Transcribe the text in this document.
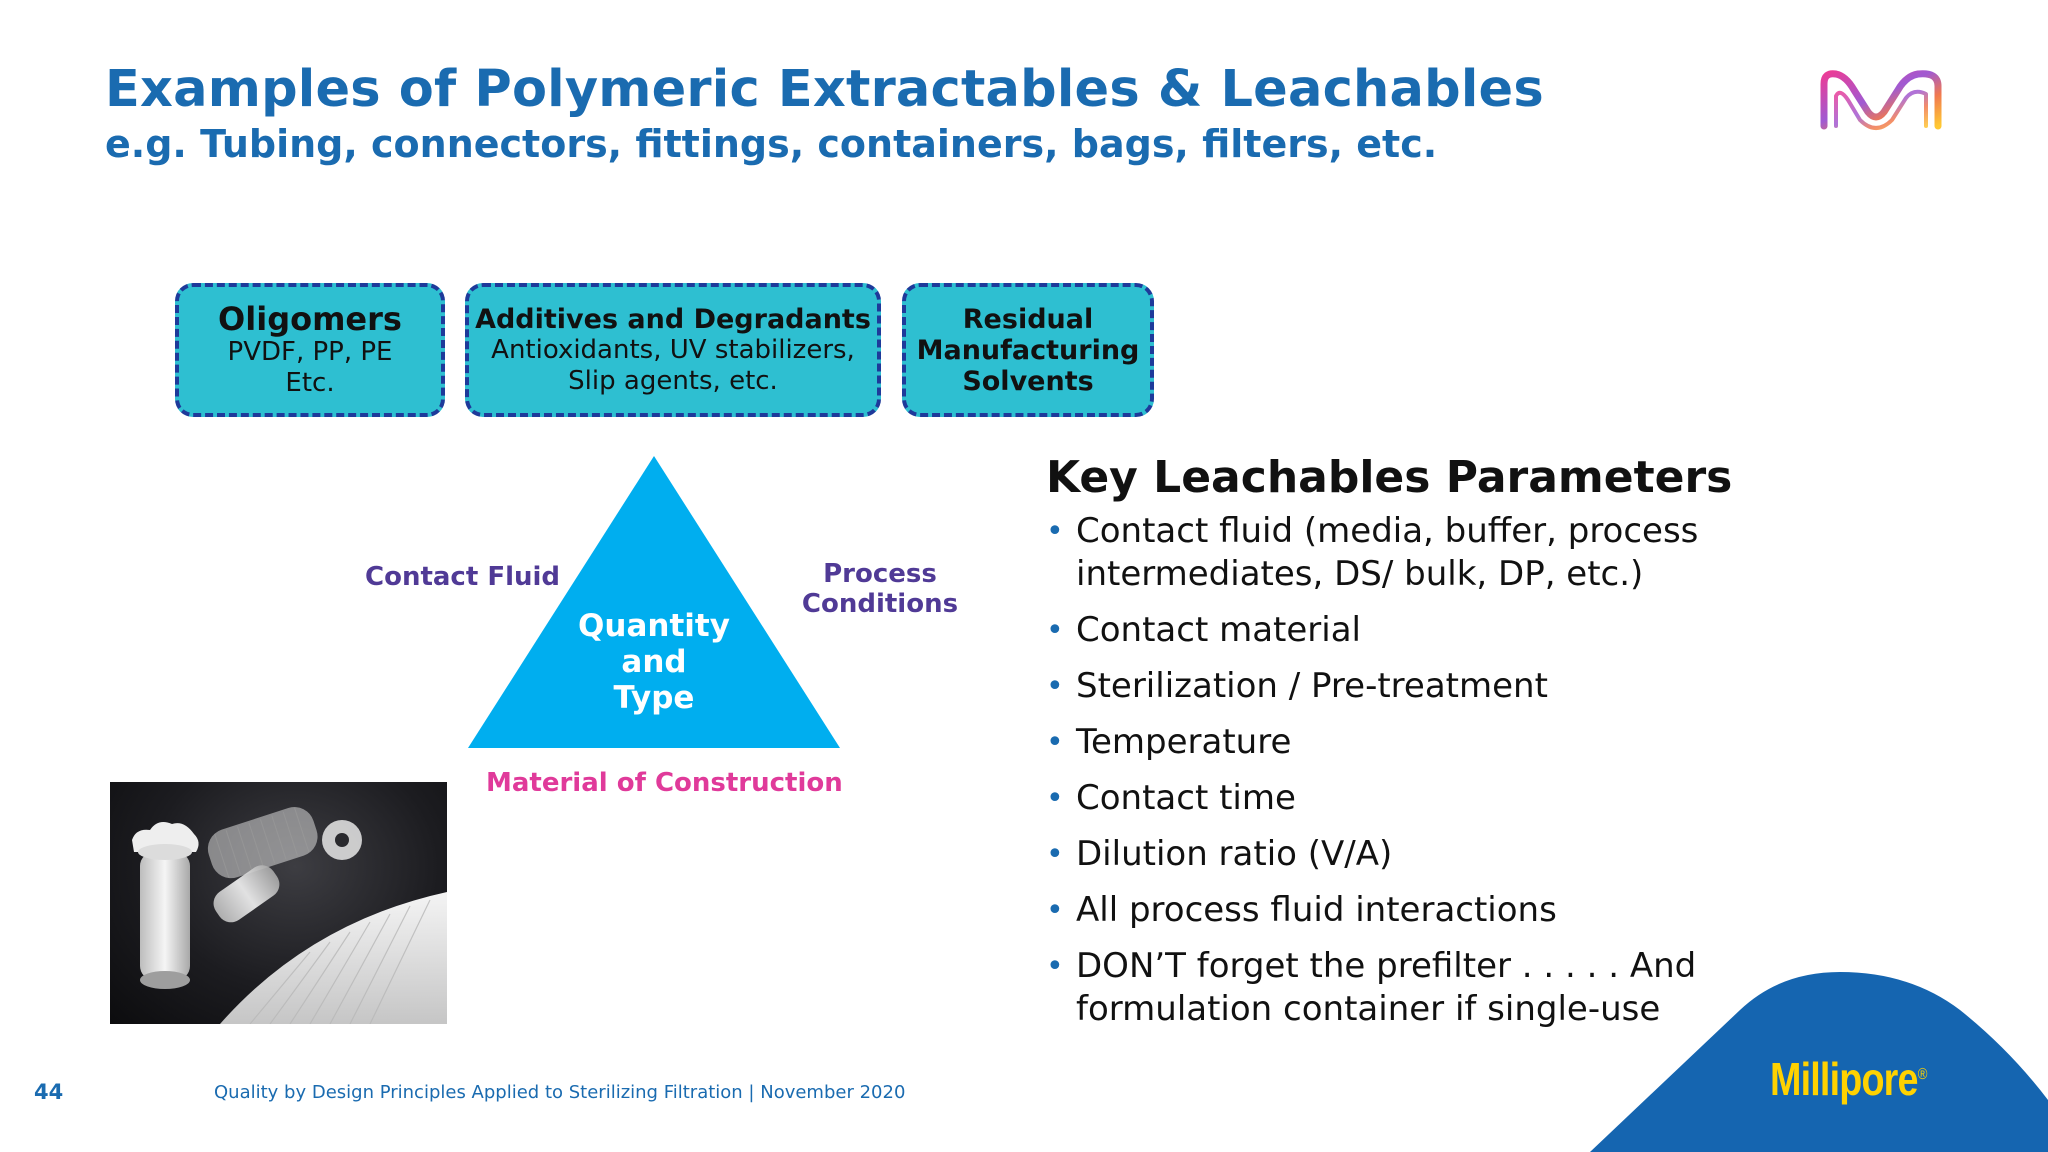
Examples of Polymeric Extractables & Leachables
e.g. Tubing, connectors, fittings, containers, bags, filters, etc.
Oligomers
PVDF, PP, PE
Etc.
Additives and Degradants
Antioxidants, UV stabilizers,
Slip agents, etc.
Residual
Manufacturing
Solvents
Quantity
and
Type
Contact Fluid	Process
Conditions
Material of Construction
Key Leachables Parameters
• Contact fluid (media, buffer, process intermediates, DS/ bulk, DP, etc.)
• Contact material
• Sterilization / Pre-treatment
• Temperature
• Contact time
• Dilution ratio (V/A)
• All process fluid interactions
• DON’T forget the prefilter . . . . . And formulation container if single-use
Millipore®
44	Quality by Design Principles Applied to Sterilizing Filtration | November 2020
